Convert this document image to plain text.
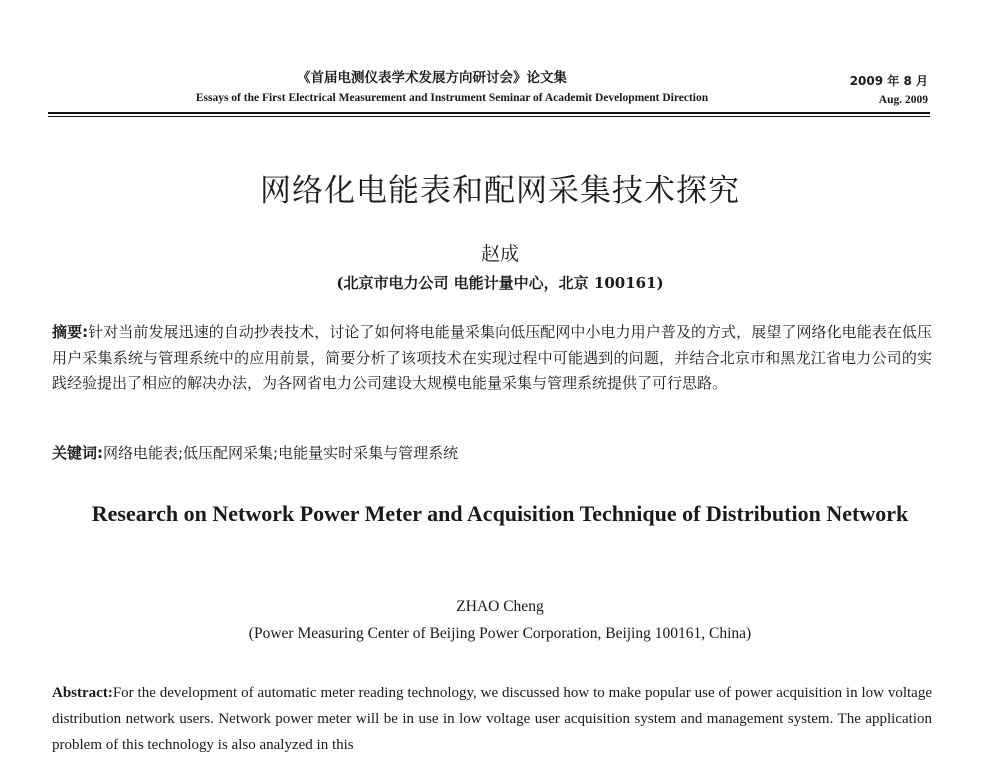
《首届电测仪表学术发展方向研讨会》论文集
Essays of the First Electrical Measurement and Instrument Seminar of Academit Development Direction
2009 年 8 月
Aug. 2009
网络化电能表和配网采集技术探究
赵成
(北京市电力公司 电能计量中心，北京 100161)
摘要:针对当前发展迅速的自动抄表技术，讨论了如何将电能量采集向低压配网中小电力用户普及的方式，展望了网络化电能表在低压用户采集系统与管理系统中的应用前景，简要分析了该项技术在实现过程中可能遇到的问题，并结合北京市和黑龙江省电力公司的实践经验提出了相应的解决办法，为各网省电力公司建设大规模电能量采集与管理系统提供了可行思路。
关键词:网络电能表;低压配网采集;电能量实时采集与管理系统
Research on Network Power Meter and Acquisition Technique of Distribution Network
ZHAO Cheng
(Power Measuring Center of Beijing Power Corporation, Beijing 100161, China)
Abstract:For the development of automatic meter reading technology, we discussed how to make popular use of power acquisition in low voltage distribution network users. Network power meter will be in use in low voltage user acquisition system and management system. The application problem of this technology is also analyzed in this
